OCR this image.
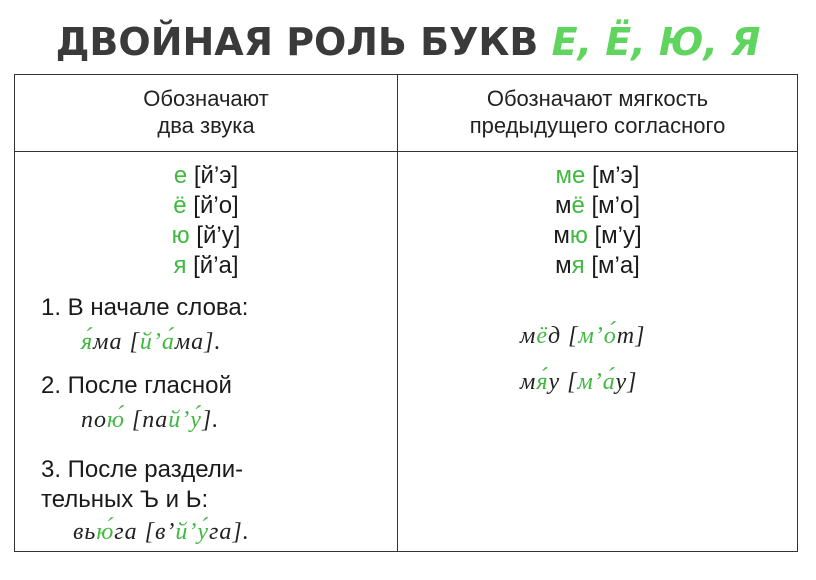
ДВОЙНАЯ РОЛЬ БУКВ Е, Ё, Ю, Я
Обозначают
два звука
Обозначают мягкость
предыдущего согласного
е [й’э]
ё [й’о]
ю [й’у]
я [й’а]
ме [м’э]
мё [м’о]
мю [м’у]
мя [м’а]
1. В начале слова:
я́ма [й’а́ма].
2. После гласной
пою́ [пай’у́].
3. После раздели-
тельных Ъ и Ь:
вью́га [в’й’у́га].
мёд [м’о́т]
мя́у [м’а́у]
